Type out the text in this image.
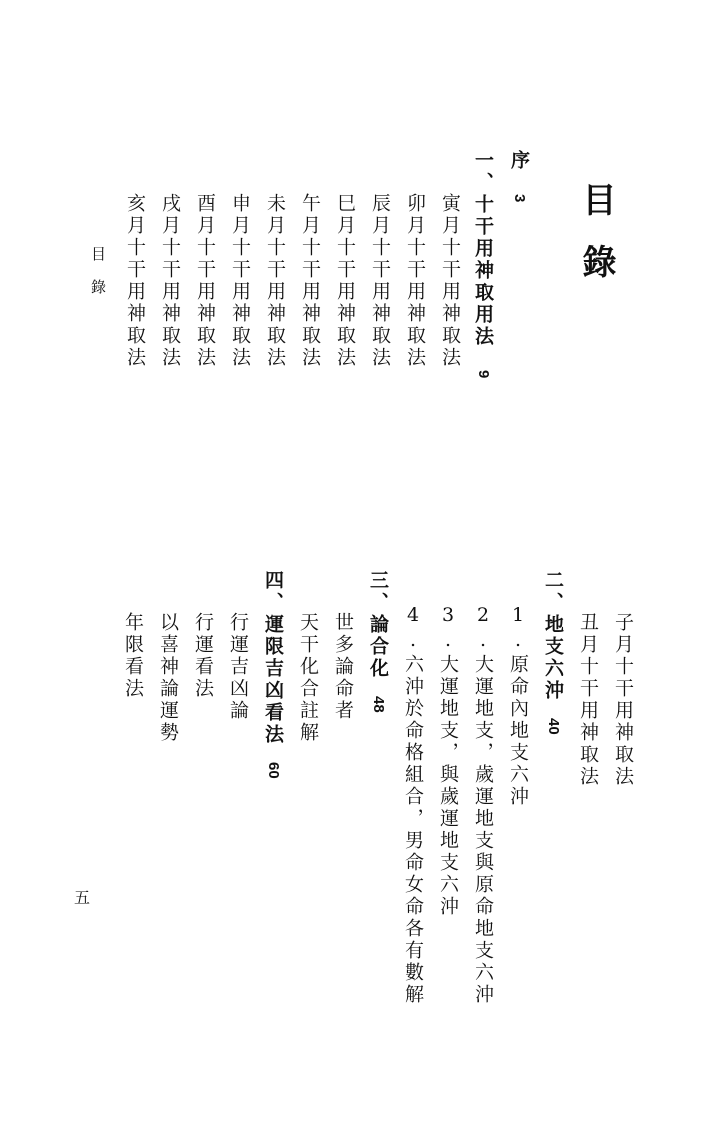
目錄
序3
一、十干用神取用法9
寅月十干用神取法
卯月十干用神取法
辰月十干用神取法
巳月十干用神取法
午月十干用神取法
未月十干用神取法
申月十干用神取法
酉月十干用神取法
戌月十干用神取法
亥月十干用神取法
子月十干用神取法
丑月十干用神取法
二、地支六沖40
1.原命內地支六沖
2.大運地支，歲運地支與原命地支六沖
3.大運地支，與歲運地支六沖
4.六沖於命格組合，男命女命各有數解
三、論合化48
世多論命者
天干化合註解
四、運限吉凶看法60
行運吉凶論
行運看法
以喜神論運勢
年限看法
目錄
五
